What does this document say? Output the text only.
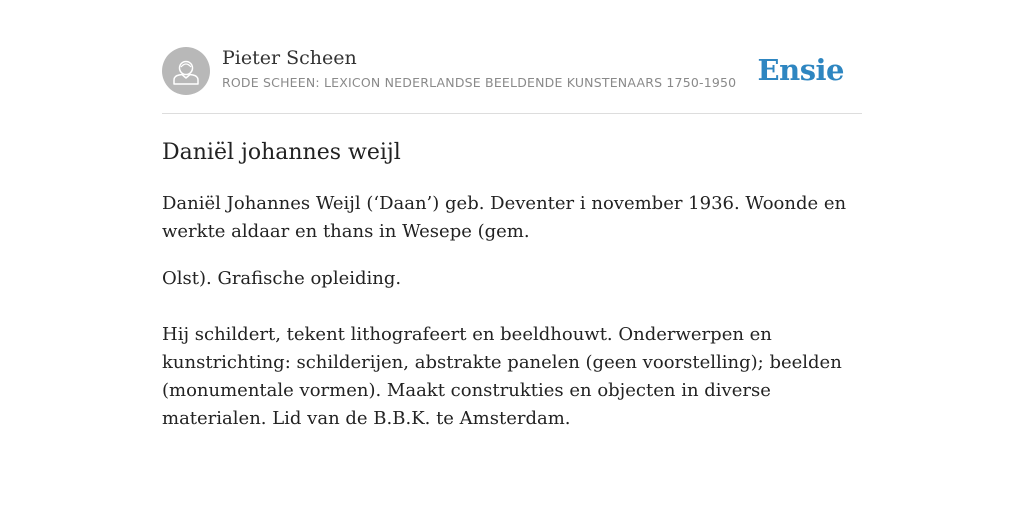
Pieter Scheen
RODE SCHEEN: LEXICON NEDERLANDSE BEELDENDE KUNSTENAARS 1750-1950 Ensie
Daniël johannes weijl

Daniël Johannes Weijl (‘Daan’) geb. Deventer i november 1936. Woonde en werkte aldaar en thans in Wesepe (gem.

Olst). Grafische opleiding.

Hij schildert, tekent lithografeert en beeldhouwt. Onderwerpen en kunstrichting: schilderijen, abstrakte panelen (geen voorstelling); beelden (monumentale vormen). Maakt construkties en objecten in diverse materialen. Lid van de B.B.K. te Amsterdam.
